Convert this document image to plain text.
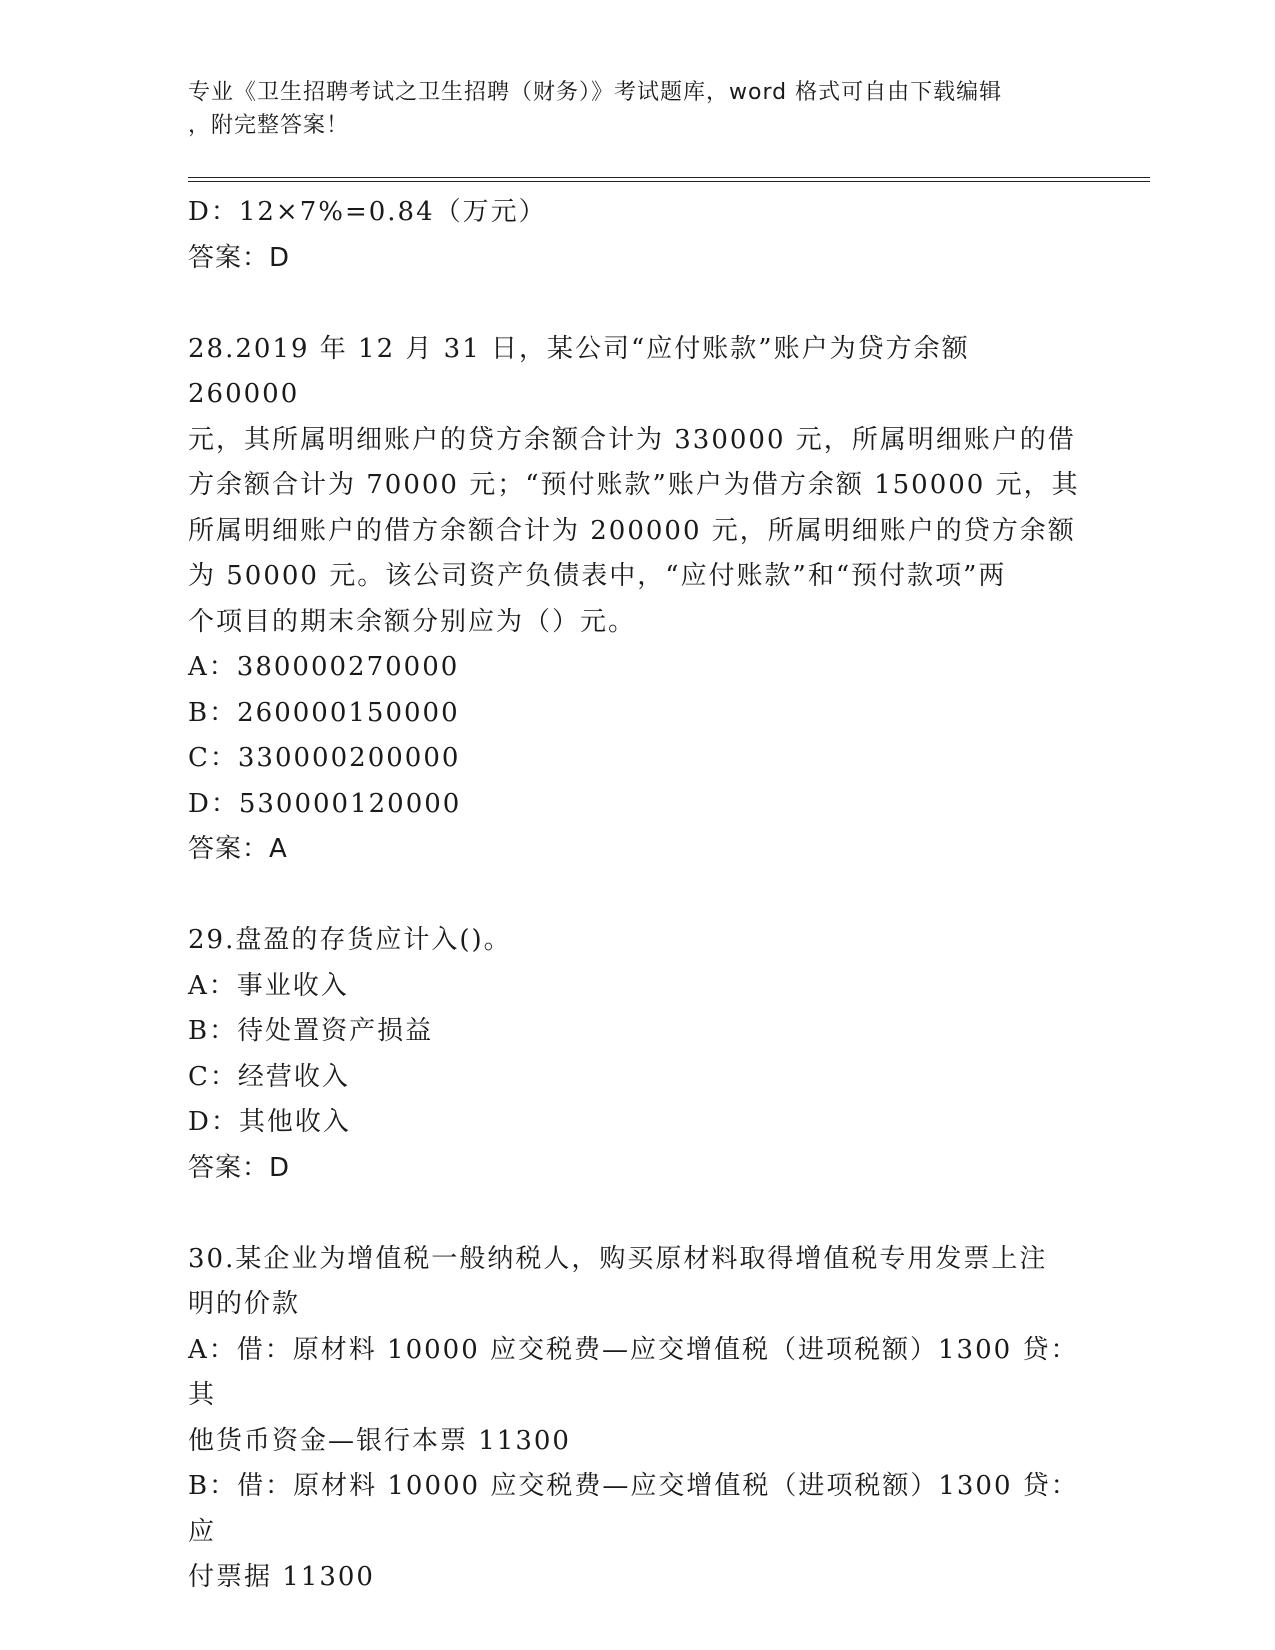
专业《卫生招聘考试之卫生招聘（财务）》考试题库，word 格式可自由下载编辑
，附完整答案！
D：12×7%=0.84（万元）
答案：D
28.2019 年 12 月 31 日，某公司“应付账款”账户为贷方余额 260000
元，其所属明细账户的贷方余额合计为 330000 元，所属明细账户的借
方余额合计为 70000 元；“预付账款”账户为借方余额 150000 元，其
所属明细账户的借方余额合计为 200000 元，所属明细账户的贷方余额
为 50000 元。该公司资产负债表中，“应付账款”和“预付款项”两
个项目的期末余额分别应为（）元。
A：380000270000
B：260000150000
C：330000200000
D：530000120000
答案：A
29.盘盈的存货应计入()。
A：事业收入
B：待处置资产损益
C：经营收入
D：其他收入
答案：D
30.某企业为增值税一般纳税人，购买原材料取得增值税专用发票上注
明的价款
A：借：原材料 10000 应交税费—应交增值税（进项税额）1300 贷：其
他货币资金—银行本票 11300
B：借：原材料 10000 应交税费—应交增值税（进项税额）1300 贷：应
付票据 11300
